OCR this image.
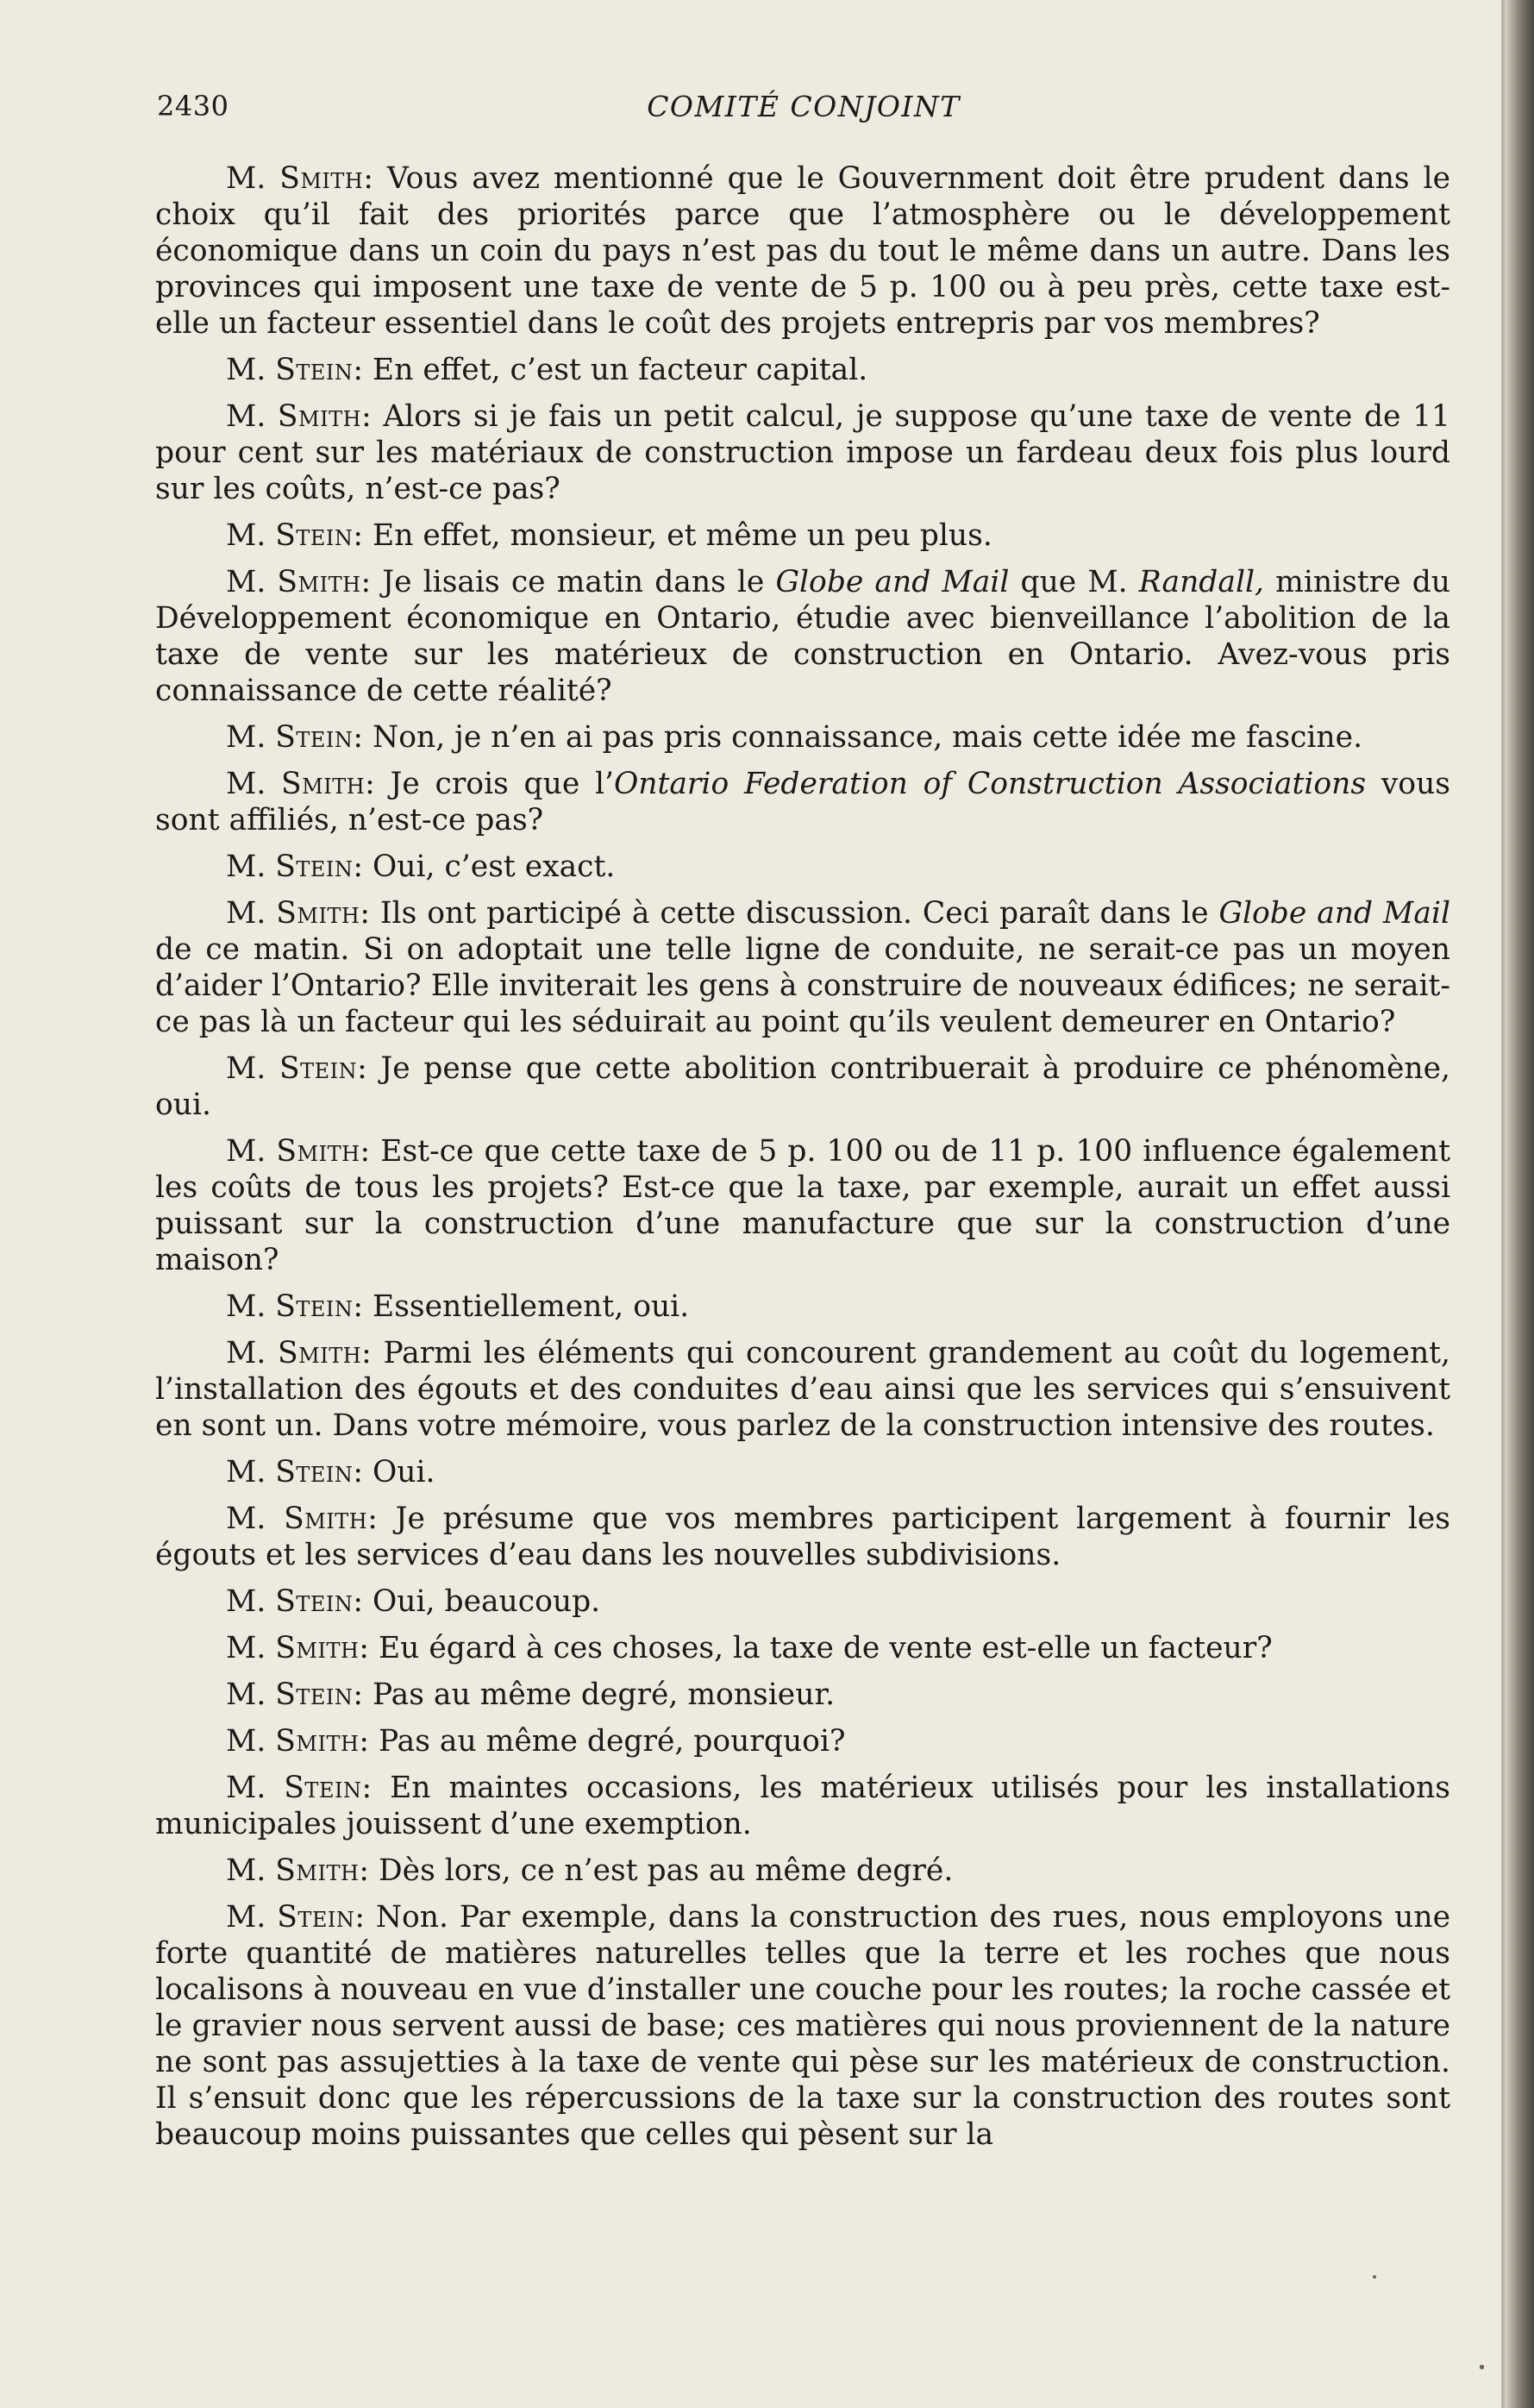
2430	COMITÉ CONJOINT

M. Smith: Vous avez mentionné que le Gouvernment doit être prudent dans le choix qu’il fait des priorités parce que l’atmosphère ou le développement économique dans un coin du pays n’est pas du tout le même dans un autre. Dans les provinces qui imposent une taxe de vente de 5 p. 100 ou à peu près, cette taxe est-elle un facteur essentiel dans le coût des projets entrepris par vos membres?

M. Stein: En effet, c’est un facteur capital.

M. Smith: Alors si je fais un petit calcul, je suppose qu’une taxe de vente de 11 pour cent sur les matériaux de construction impose un fardeau deux fois plus lourd sur les coûts, n’est-ce pas?

M. Stein: En effet, monsieur, et même un peu plus.

M. Smith: Je lisais ce matin dans le Globe and Mail que M. Randall, ministre du Développement économique en Ontario, étudie avec bienveillance l’abolition de la taxe de vente sur les matérieux de construction en Ontario. Avez-vous pris connaissance de cette réalité?

M. Stein: Non, je n’en ai pas pris connaissance, mais cette idée me fascine.

M. Smith: Je crois que l’Ontario Federation of Construction Associations vous sont affiliés, n’est-ce pas?

M. Stein: Oui, c’est exact.

M. Smith: Ils ont participé à cette discussion. Ceci paraît dans le Globe and Mail de ce matin. Si on adoptait une telle ligne de conduite, ne serait-ce pas un moyen d’aider l’Ontario? Elle inviterait les gens à construire de nouveaux édifices; ne serait-ce pas là un facteur qui les séduirait au point qu’ils veulent demeurer en Ontario?

M. Stein: Je pense que cette abolition contribuerait à produire ce phénomène, oui.

M. Smith: Est-ce que cette taxe de 5 p. 100 ou de 11 p. 100 influence également les coûts de tous les projets? Est-ce que la taxe, par exemple, aurait un effet aussi puissant sur la construction d’une manufacture que sur la construction d’une maison?

M. Stein: Essentiellement, oui.

M. Smith: Parmi les éléments qui concourent grandement au coût du logement, l’installation des égouts et des conduites d’eau ainsi que les services qui s’ensuivent en sont un. Dans votre mémoire, vous parlez de la construction intensive des routes.

M. Stein: Oui.

M. Smith: Je présume que vos membres participent largement à fournir les égouts et les services d’eau dans les nouvelles subdivisions.

M. Stein: Oui, beaucoup.

M. Smith: Eu égard à ces choses, la taxe de vente est-elle un facteur?

M. Stein: Pas au même degré, monsieur.

M. Smith: Pas au même degré, pourquoi?

M. Stein: En maintes occasions, les matérieux utilisés pour les installations municipales jouissent d’une exemption.

M. Smith: Dès lors, ce n’est pas au même degré.

M. Stein: Non. Par exemple, dans la construction des rues, nous employons une forte quantité de matières naturelles telles que la terre et les roches que nous localisons à nouveau en vue d’installer une couche pour les routes; la roche cassée et le gravier nous servent aussi de base; ces matières qui nous proviennent de la nature ne sont pas assujetties à la taxe de vente qui pèse sur les matérieux de construction. Il s’ensuit donc que les répercussions de la taxe sur la construction des routes sont beaucoup moins puissantes que celles qui pèsent sur la
